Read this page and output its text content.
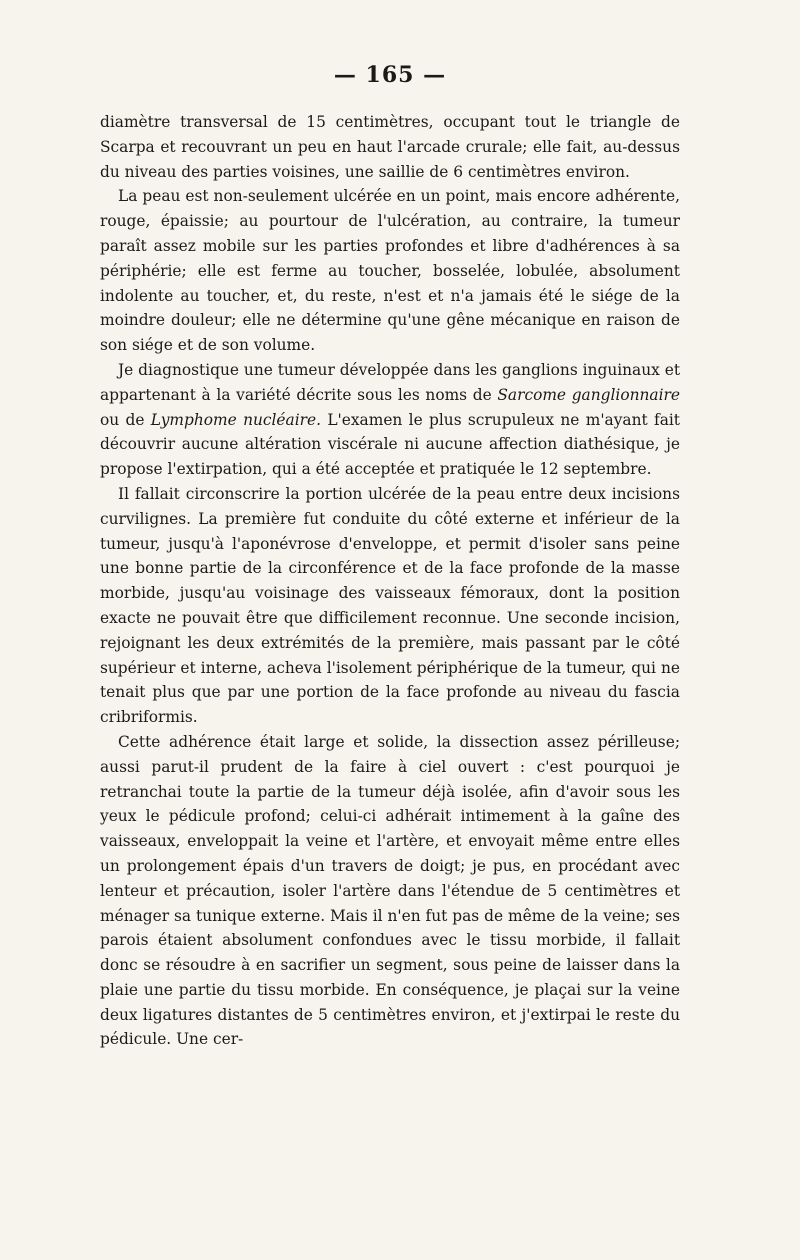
— 165 —

diamètre transversal de 15 centimètres, occupant tout le triangle de Scarpa et recouvrant un peu en haut l'arcade crurale; elle fait, au-dessus du niveau des parties voisines, une saillie de 6 centimètres environ.

La peau est non-seulement ulcérée en un point, mais encore adhérente, rouge, épaissie; au pourtour de l'ulcération, au contraire, la tumeur paraît assez mobile sur les parties profondes et libre d'adhérences à sa périphérie; elle est ferme au toucher, bosselée, lobulée, absolument indolente au toucher, et, du reste, n'est et n'a jamais été le siége de la moindre douleur; elle ne détermine qu'une gêne mécanique en raison de son siége et de son volume.

Je diagnostique une tumeur développée dans les ganglions inguinaux et appartenant à la variété décrite sous les noms de Sarcome ganglionnaire ou de Lymphome nucléaire. L'examen le plus scrupuleux ne m'ayant fait découvrir aucune altération viscérale ni aucune affection diathésique, je propose l'extirpation, qui a été acceptée et pratiquée le 12 septembre.

Il fallait circonscrire la portion ulcérée de la peau entre deux incisions curvilignes. La première fut conduite du côté externe et inférieur de la tumeur, jusqu'à l'aponévrose d'enveloppe, et permit d'isoler sans peine une bonne partie de la circonférence et de la face profonde de la masse morbide, jusqu'au voisinage des vaisseaux fémoraux, dont la position exacte ne pouvait être que difficilement reconnue. Une seconde incision, rejoignant les deux extrémités de la première, mais passant par le côté supérieur et interne, acheva l'isolement périphérique de la tumeur, qui ne tenait plus que par une portion de la face profonde au niveau du fascia cribriformis.

Cette adhérence était large et solide, la dissection assez périlleuse; aussi parut-il prudent de la faire à ciel ouvert : c'est pourquoi je retranchai toute la partie de la tumeur déjà isolée, afin d'avoir sous les yeux le pédicule profond; celui-ci adhérait intimement à la gaîne des vaisseaux, enveloppait la veine et l'artère, et envoyait même entre elles un prolongement épais d'un travers de doigt; je pus, en procédant avec lenteur et précaution, isoler l'artère dans l'étendue de 5 centimètres et ménager sa tunique externe. Mais il n'en fut pas de même de la veine; ses parois étaient absolument confondues avec le tissu morbide, il fallait donc se résoudre à en sacrifier un segment, sous peine de laisser dans la plaie une partie du tissu morbide. En conséquence, je plaçai sur la veine deux ligatures distantes de 5 centimètres environ, et j'extirpai le reste du pédicule. Une cer-
